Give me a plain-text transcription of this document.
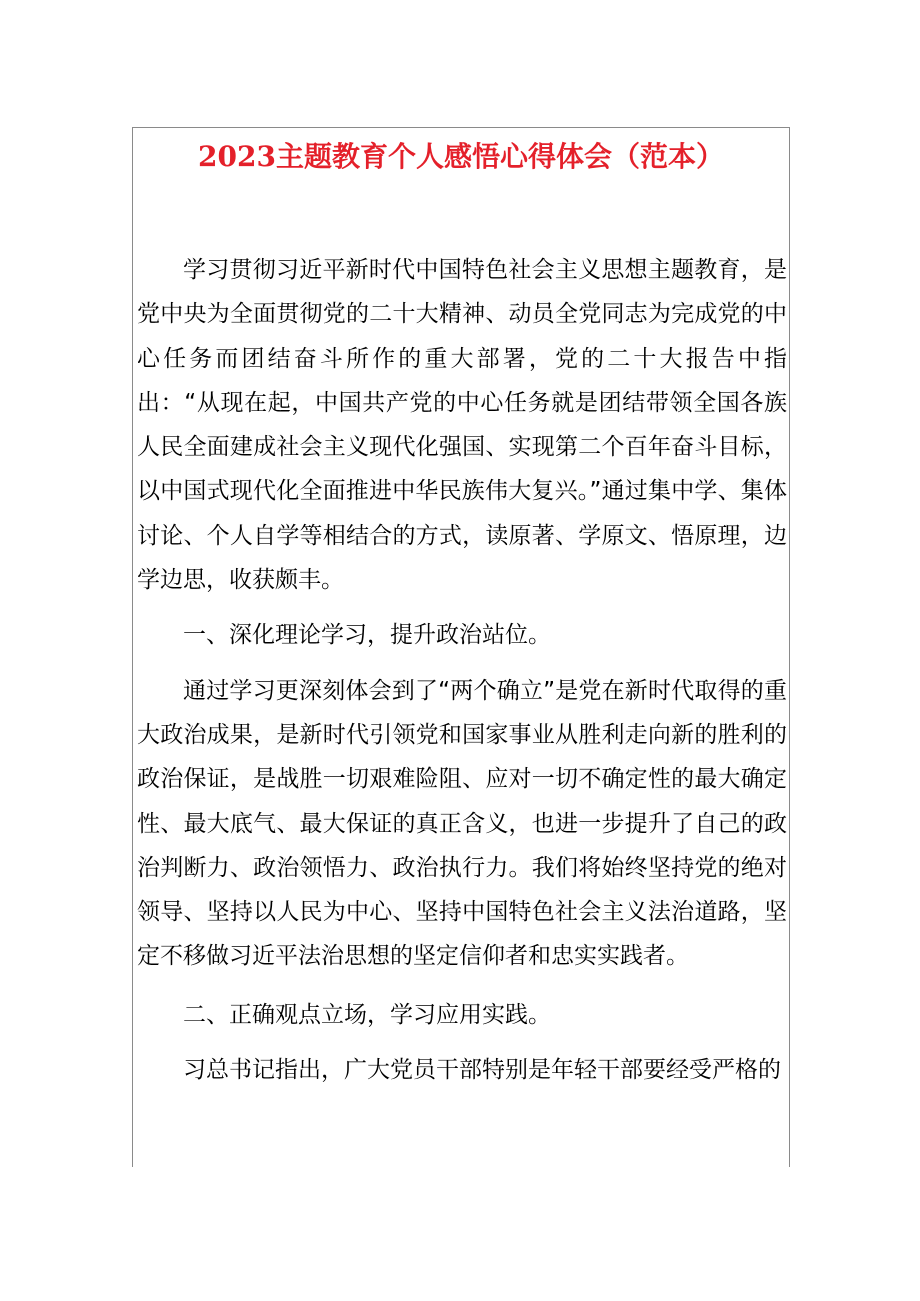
2023主题教育个人感悟心得体会（范本）

学习贯彻习近平新时代中国特色社会主义思想主题教育，是党中央为全面贯彻党的二十大精神、动员全党同志为完成党的中心任务而团结奋斗所作的重大部署，党的二十大报告中指出：“从现在起，中国共产党的中心任务就是团结带领全国各族人民全面建成社会主义现代化强国、实现第二个百年奋斗目标，以中国式现代化全面推进中华民族伟大复兴。”通过集中学、集体讨论、个人自学等相结合的方式，读原著、学原文、悟原理，边学边思，收获颇丰。

一、深化理论学习，提升政治站位。

通过学习更深刻体会到了“两个确立”是党在新时代取得的重大政治成果，是新时代引领党和国家事业从胜利走向新的胜利的政治保证，是战胜一切艰难险阻、应对一切不确定性的最大确定性、最大底气、最大保证的真正含义，也进一步提升了自己的政治判断力、政治领悟力、政治执行力。我们将始终坚持党的绝对领导、坚持以人民为中心、坚持中国特色社会主义法治道路，坚定不移做习近平法治思想的坚定信仰者和忠实实践者。

二、正确观点立场，学习应用实践。

习总书记指出，广大党员干部特别是年轻干部要经受严格的
